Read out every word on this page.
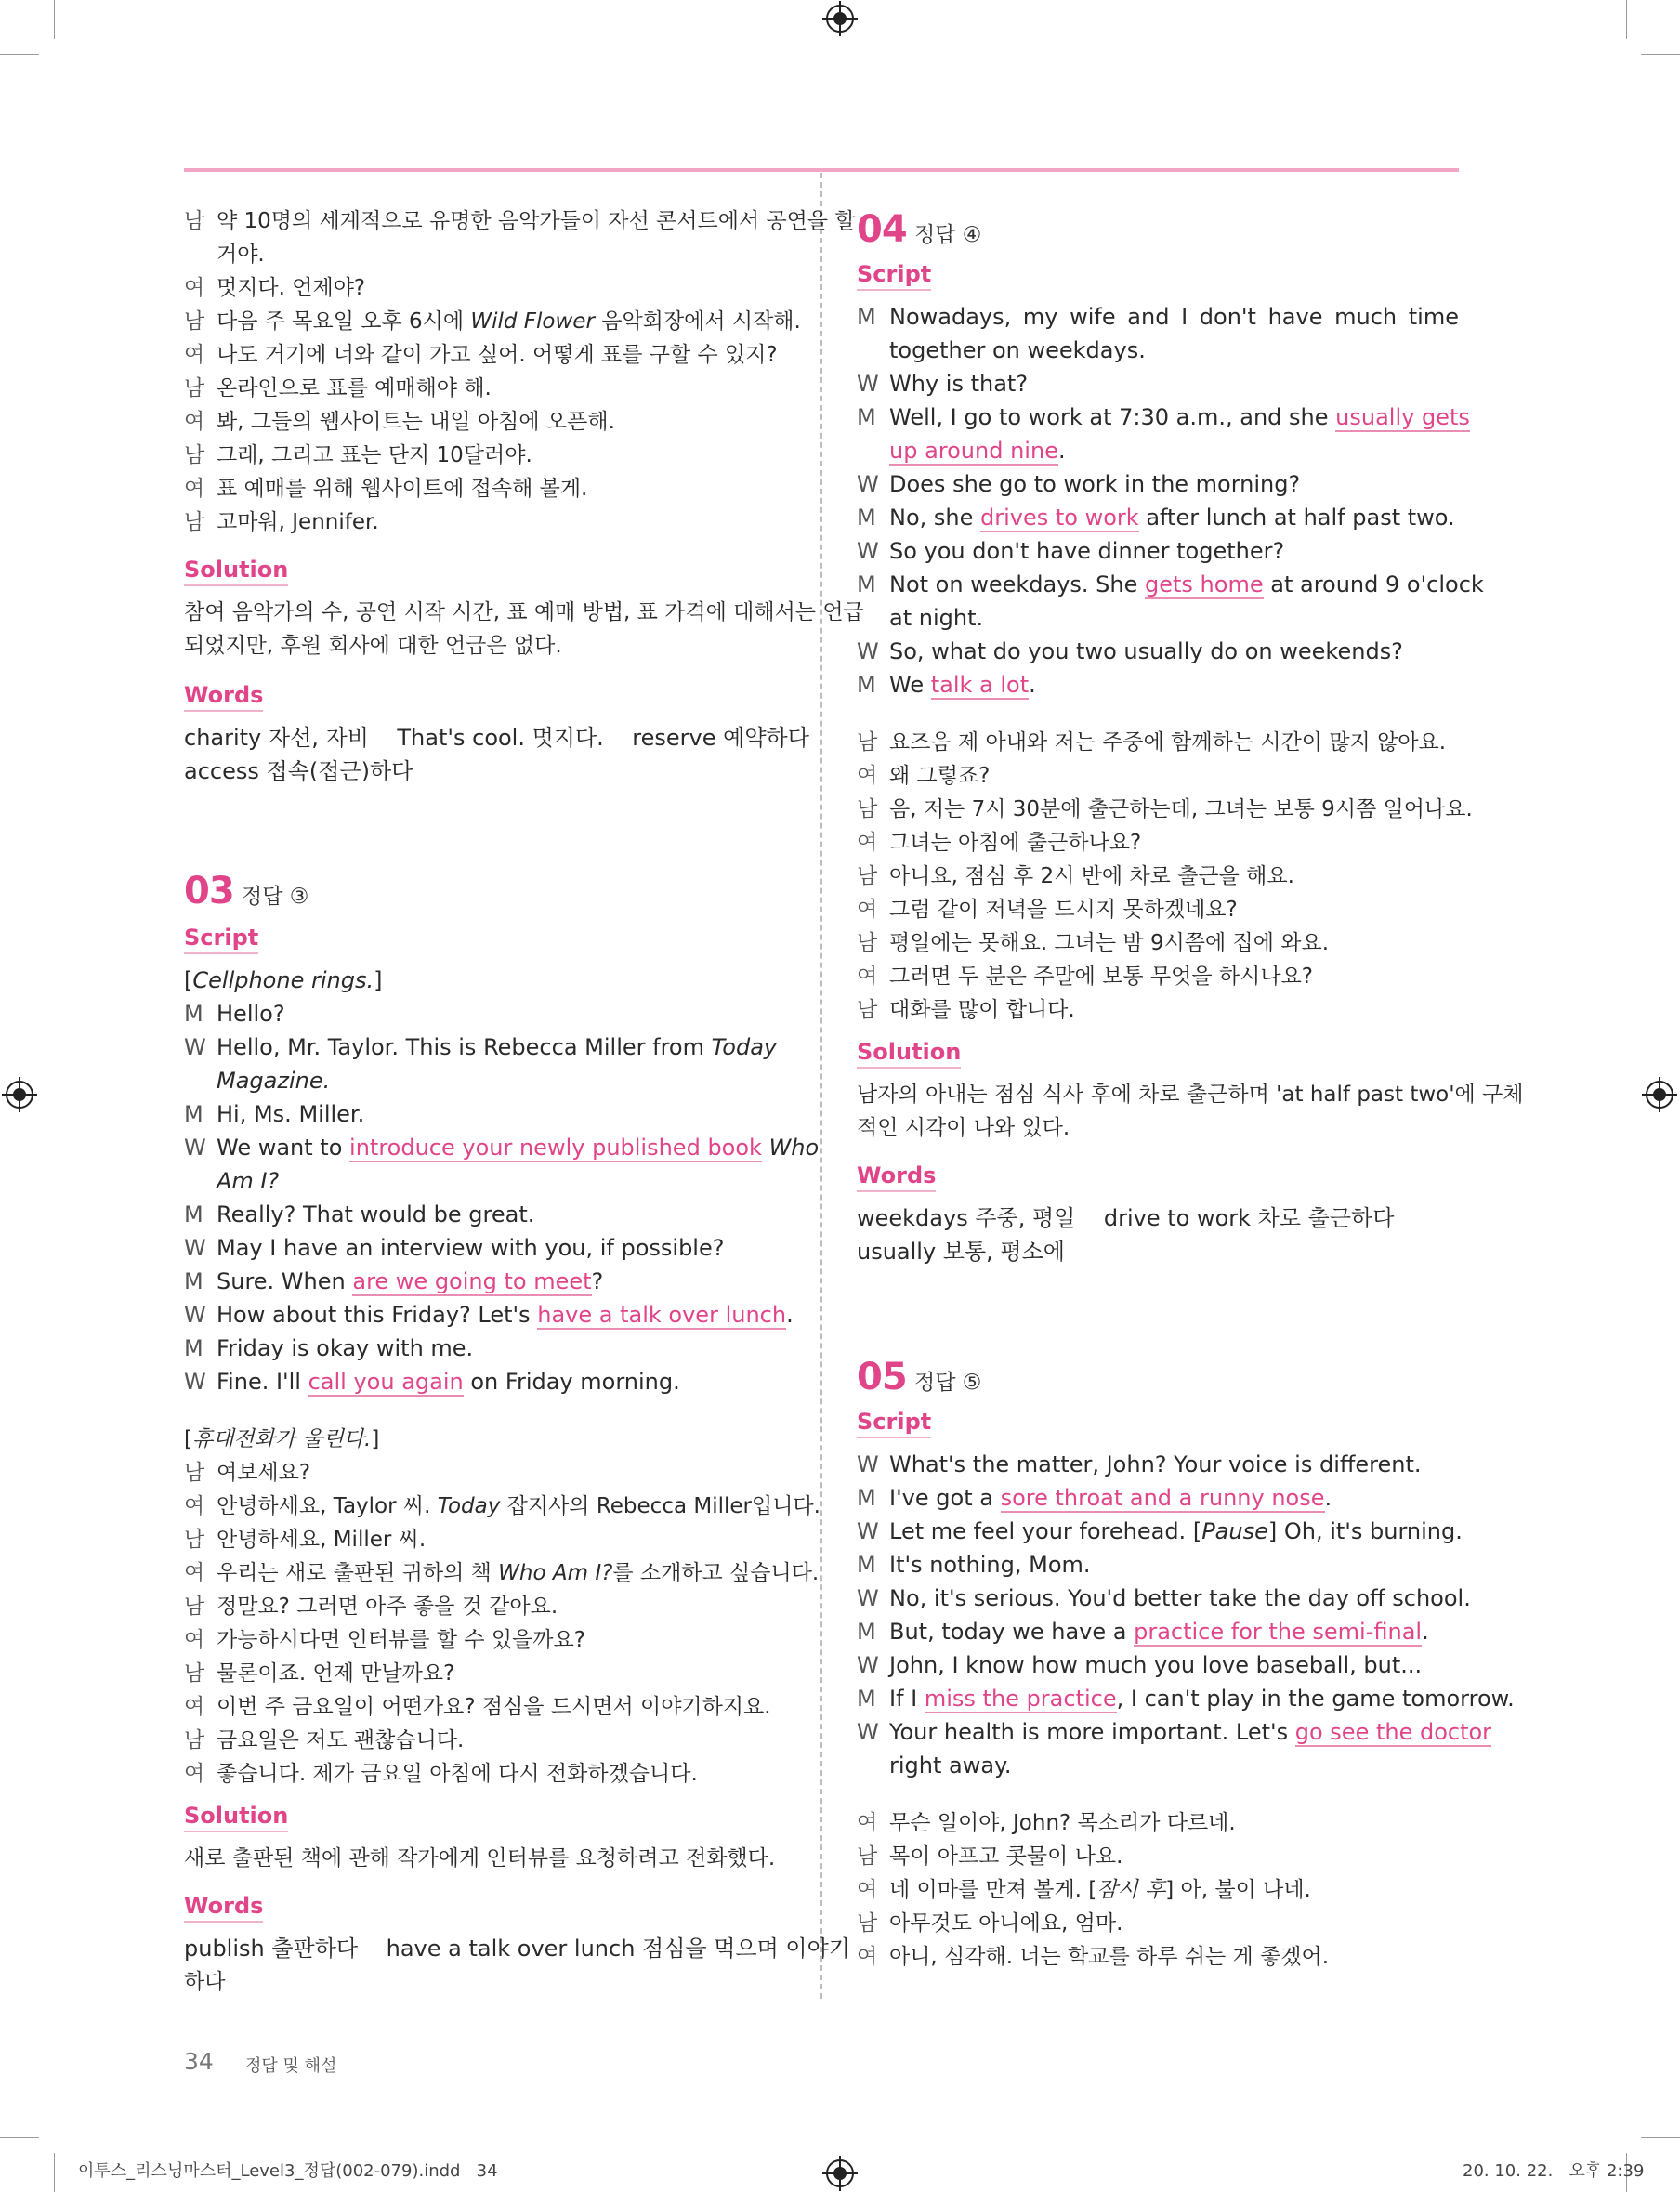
남 약 10명의 세계적으로 유명한 음악가들이 자선 콘서트에서 공연을 할
거야.
여 멋지다. 언제야?
남 다음 주 목요일 오후 6시에 Wild Flower 음악회장에서 시작해.
여 나도 거기에 너와 같이 가고 싶어. 어떻게 표를 구할 수 있지?
남 온라인으로 표를 예매해야 해.
여 봐, 그들의 웹사이트는 내일 아침에 오픈해.
남 그래, 그리고 표는 단지 10달러야.
여 표 예매를 위해 웹사이트에 접속해 볼게.
남 고마워, Jennifer.
Solution
참여 음악가의 수, 공연 시작 시간, 표 예매 방법, 표 가격에 대해서는 언급
되었지만, 후원 회사에 대한 언급은 없다.
Words
charity 자선, 자비    That's cool. 멋지다.    reserve 예약하다
access 접속(접근)하다
03 정답 ③
Script
[Cellphone rings.]
M Hello?
W Hello, Mr. Taylor. This is Rebecca Miller from Today
Magazine.
M Hi, Ms. Miller.
W We want to introduce your newly published book Who
Am I?
M Really? That would be great.
W May I have an interview with you, if possible?
M Sure. When are we going to meet?
W How about this Friday? Let's have a talk over lunch.
M Friday is okay with me.
W Fine. I'll call you again on Friday morning.
[휴대전화가 울린다.]
남 여보세요?
여 안녕하세요, Taylor 씨. Today 잡지사의 Rebecca Miller입니다.
남 안녕하세요, Miller 씨.
여 우리는 새로 출판된 귀하의 책 Who Am I?를 소개하고 싶습니다.
남 정말요? 그러면 아주 좋을 것 같아요.
여 가능하시다면 인터뷰를 할 수 있을까요?
남 물론이죠. 언제 만날까요?
여 이번 주 금요일이 어떤가요? 점심을 드시면서 이야기하지요.
남 금요일은 저도 괜찮습니다.
여 좋습니다. 제가 금요일 아침에 다시 전화하겠습니다.
Solution
새로 출판된 책에 관해 작가에게 인터뷰를 요청하려고 전화했다.
Words
publish 출판하다    have a talk over lunch 점심을 먹으며 이야기
하다
04 정답 ④
Script
M Nowadays, my wife and I don't have much time
together on weekdays.
W Why is that?
M Well, I go to work at 7:30 a.m., and she usually gets
up around nine.
W Does she go to work in the morning?
M No, she drives to work after lunch at half past two.
W So you don't have dinner together?
M Not on weekdays. She gets home at around 9 o'clock
at night.
W So, what do you two usually do on weekends?
M We talk a lot.
남 요즈음 제 아내와 저는 주중에 함께하는 시간이 많지 않아요.
여 왜 그렇죠?
남 음, 저는 7시 30분에 출근하는데, 그녀는 보통 9시쯤 일어나요.
여 그녀는 아침에 출근하나요?
남 아니요, 점심 후 2시 반에 차로 출근을 해요.
여 그럼 같이 저녁을 드시지 못하겠네요?
남 평일에는 못해요. 그녀는 밤 9시쯤에 집에 와요.
여 그러면 두 분은 주말에 보통 무엇을 하시나요?
남 대화를 많이 합니다.
Solution
남자의 아내는 점심 식사 후에 차로 출근하며 'at half past two'에 구체
적인 시각이 나와 있다.
Words
weekdays 주중, 평일    drive to work 차로 출근하다
usually 보통, 평소에
05 정답 ⑤
Script
W What's the matter, John? Your voice is different.
M I've got a sore throat and a runny nose.
W Let me feel your forehead. [Pause] Oh, it's burning.
M It's nothing, Mom.
W No, it's serious. You'd better take the day off school.
M But, today we have a practice for the semi-final.
W John, I know how much you love baseball, but...
M If I miss the practice, I can't play in the game tomorrow.
W Your health is more important. Let's go see the doctor
right away.
여 무슨 일이야, John? 목소리가 다르네.
남 목이 아프고 콧물이 나요.
여 네 이마를 만져 볼게. [잠시 후] 아, 불이 나네.
남 아무것도 아니에요, 엄마.
여 아니, 심각해. 너는 학교를 하루 쉬는 게 좋겠어.
34 정답 및 해설
이투스_리스닝마스터_Level3_정답(002-079).indd   34	20. 10. 22.   오후 2:39
